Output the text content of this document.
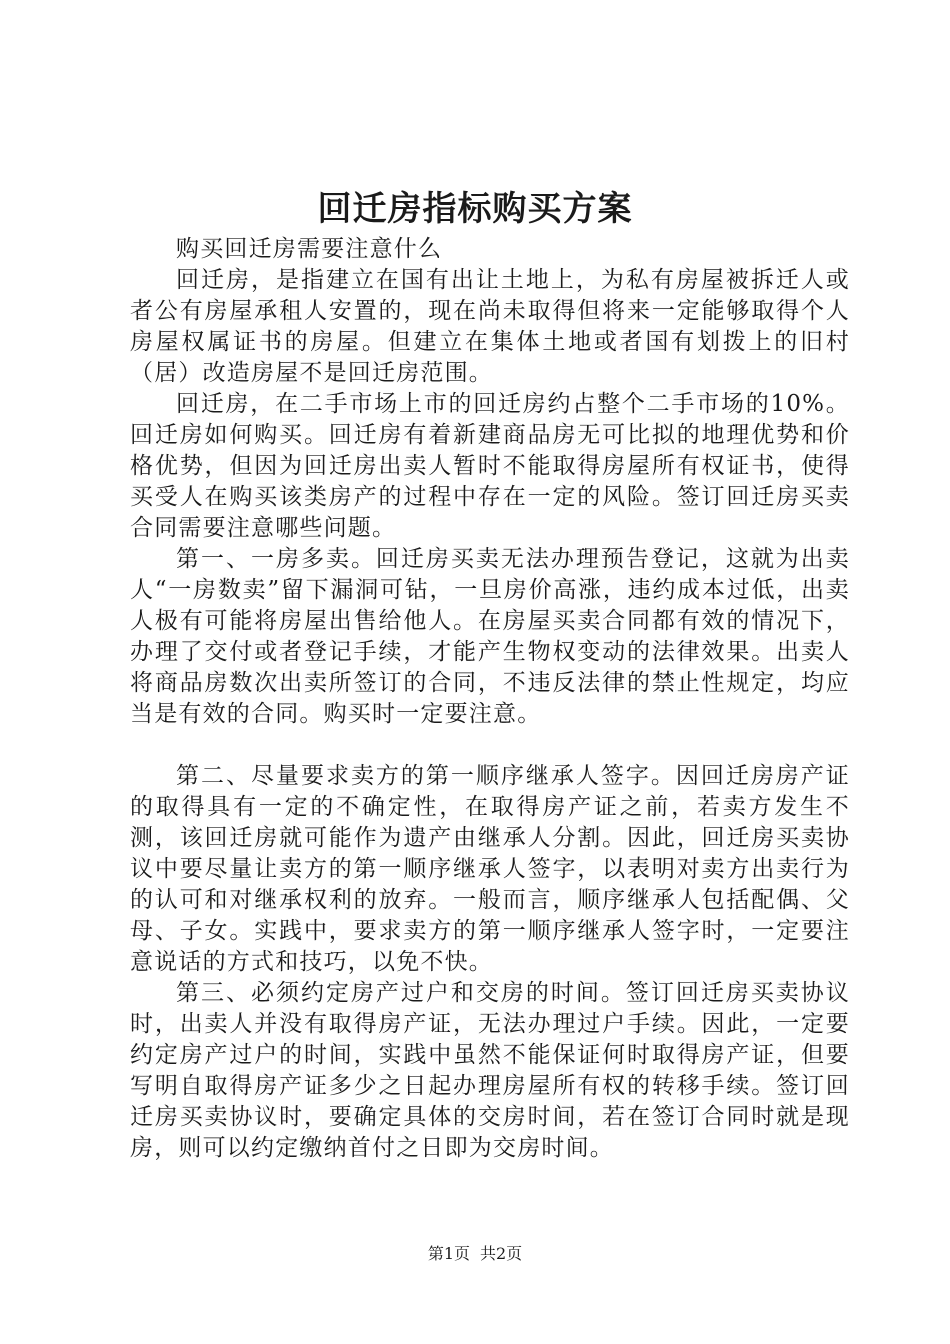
回迁房指标购买方案

购买回迁房需要注意什么

回迁房，是指建立在国有出让土地上，为私有房屋被拆迁人或者公有房屋承租人安置的，现在尚未取得但将来一定能够取得个人房屋权属证书的房屋。但建立在集体土地或者国有划拨上的旧村（居）改造房屋不是回迁房范围。

回迁房，在二手市场上市的回迁房约占整个二手市场的10%。回迁房如何购买。回迁房有着新建商品房无可比拟的地理优势和价格优势，但因为回迁房出卖人暂时不能取得房屋所有权证书，使得买受人在购买该类房产的过程中存在一定的风险。签订回迁房买卖合同需要注意哪些问题。

第一、一房多卖。回迁房买卖无法办理预告登记，这就为出卖人“一房数卖”留下漏洞可钻，一旦房价高涨，违约成本过低，出卖人极有可能将房屋出售给他人。在房屋买卖合同都有效的情况下，办理了交付或者登记手续，才能产生物权变动的法律效果。出卖人将商品房数次出卖所签订的合同，不违反法律的禁止性规定，均应当是有效的合同。购买时一定要注意。

第二、尽量要求卖方的第一顺序继承人签字。因回迁房房产证的取得具有一定的不确定性，在取得房产证之前，若卖方发生不测，该回迁房就可能作为遗产由继承人分割。因此，回迁房买卖协议中要尽量让卖方的第一顺序继承人签字，以表明对卖方出卖行为的认可和对继承权利的放弃。一般而言，顺序继承人包括配偶、父母、子女。实践中，要求卖方的第一顺序继承人签字时，一定要注意说话的方式和技巧，以免不快。

第三、必须约定房产过户和交房的时间。签订回迁房买卖协议时，出卖人并没有取得房产证，无法办理过户手续。因此，一定要约定房产过户的时间，实践中虽然不能保证何时取得房产证，但要写明自取得房产证多少之日起办理房屋所有权的转移手续。签订回迁房买卖协议时，要确定具体的交房时间，若在签订合同时就是现房，则可以约定缴纳首付之日即为交房时间。

第1页 共2页
